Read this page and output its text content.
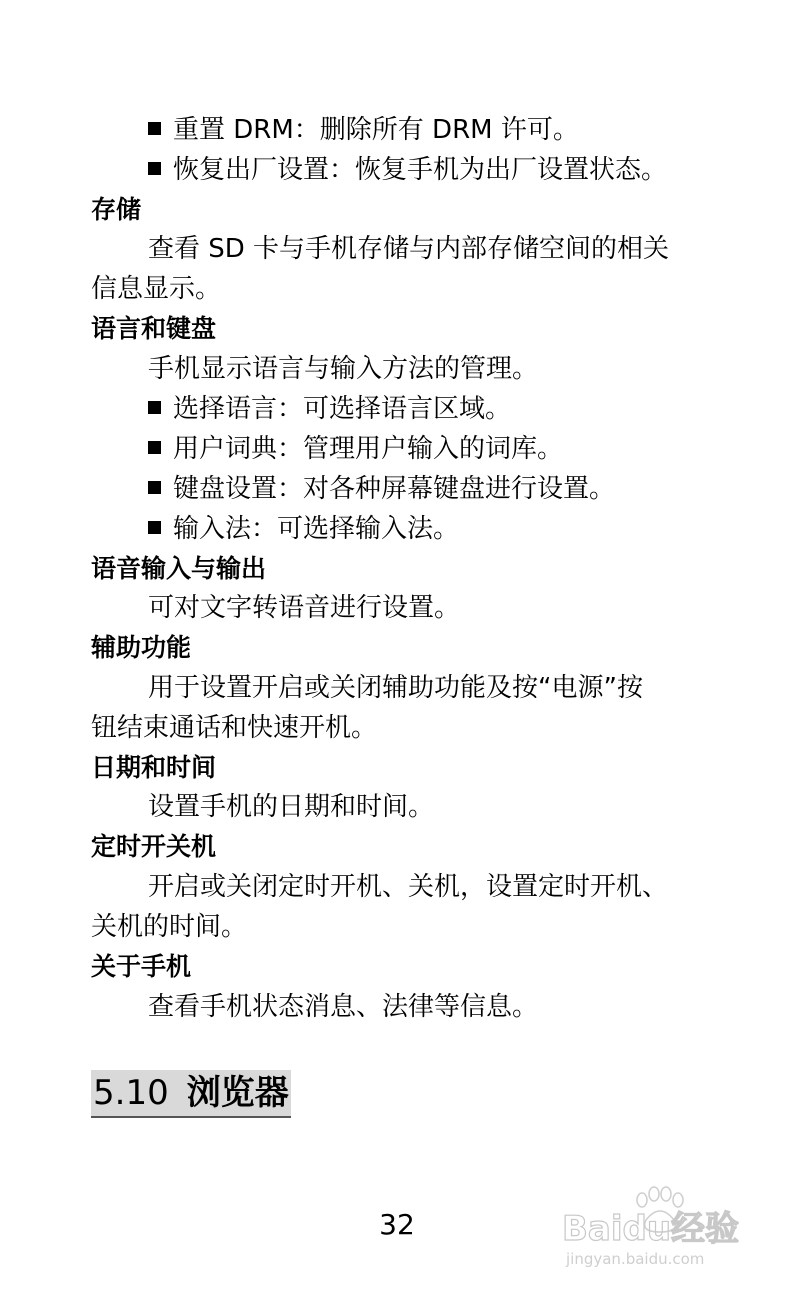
重置 DRM：删除所有 DRM 许可。
恢复出厂设置：恢复手机为出厂设置状态。
存储
查看 SD 卡与手机存储与内部存储空间的相关
信息显示。
语言和键盘
手机显示语言与输入方法的管理。
选择语言：可选择语言区域。
用户词典：管理用户输入的词库。
键盘设置：对各种屏幕键盘进行设置。
输入法：可选择输入法。
语音输入与输出
可对文字转语音进行设置。
辅助功能
用于设置开启或关闭辅助功能及按“电源”按
钮结束通话和快速开机。
日期和时间
设置手机的日期和时间。
定时开关机
开启或关闭定时开机、关机，设置定时开机、
关机的时间。
关于手机
查看手机状态消息、法律等信息。
5.10 浏览器
32	Baidu经验
jingyan.baidu.com
